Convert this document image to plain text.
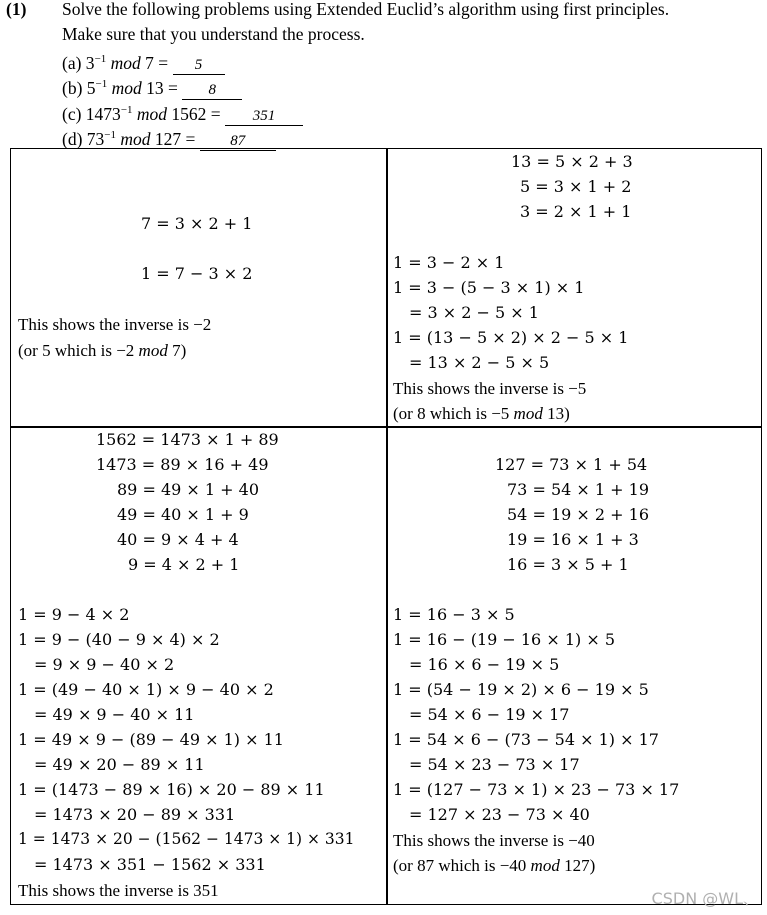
(1) Solve the following problems using Extended Euclid’s algorithm using first principles.
Make sure that you understand the process.
(a) $3^{-1}$ mod 7 = 5
(b) $5^{-1}$ mod 13 = 8
(c) $1473^{-1}$ mod 1562 = 351
(d) $73^{-1}$ mod 127 = 87
7 = 3 × 2 + 1
1 = 7 − 3 × 2
This shows the inverse is −2
(or 5 which is −2 mod 7)
13 = 5 × 2 + 3
5 = 3 × 1 + 2
3 = 2 × 1 + 1
1 = 3 − 2 × 1
1 = 3 − (5 − 3 × 1) × 1
= 3 × 2 − 5 × 1
1 = (13 − 5 × 2) × 2 − 5 × 1
= 13 × 2 − 5 × 5
This shows the inverse is −5
(or 8 which is −5 mod 13)
1562 = 1473 × 1 + 89
1473 = 89 × 16 + 49
89 = 49 × 1 + 40
49 = 40 × 1 + 9
40 = 9 × 4 + 4
9 = 4 × 2 + 1
1 = 9 − 4 × 2
1 = 9 − (40 − 9 × 4) × 2
= 9 × 9 − 40 × 2
1 = (49 − 40 × 1) × 9 − 40 × 2
= 49 × 9 − 40 × 11
1 = 49 × 9 − (89 − 49 × 1) × 11
= 49 × 20 − 89 × 11
1 = (1473 − 89 × 16) × 20 − 89 × 11
= 1473 × 20 − 89 × 331
1 = 1473 × 20 − (1562 − 1473 × 1) × 331
= 1473 × 351 − 1562 × 331
This shows the inverse is 351
127 = 73 × 1 + 54
73 = 54 × 1 + 19
54 = 19 × 2 + 16
19 = 16 × 1 + 3
16 = 3 × 5 + 1
1 = 16 − 3 × 5
1 = 16 − (19 − 16 × 1) × 5
= 16 × 6 − 19 × 5
1 = (54 − 19 × 2) × 6 − 19 × 5
= 54 × 6 − 19 × 17
1 = 54 × 6 − (73 − 54 × 1) × 17
= 54 × 23 − 73 × 17
1 = (127 − 73 × 1) × 23 − 73 × 17
= 127 × 23 − 73 × 40
This shows the inverse is −40
(or 87 which is −40 mod 127)
CSDN @WL、
